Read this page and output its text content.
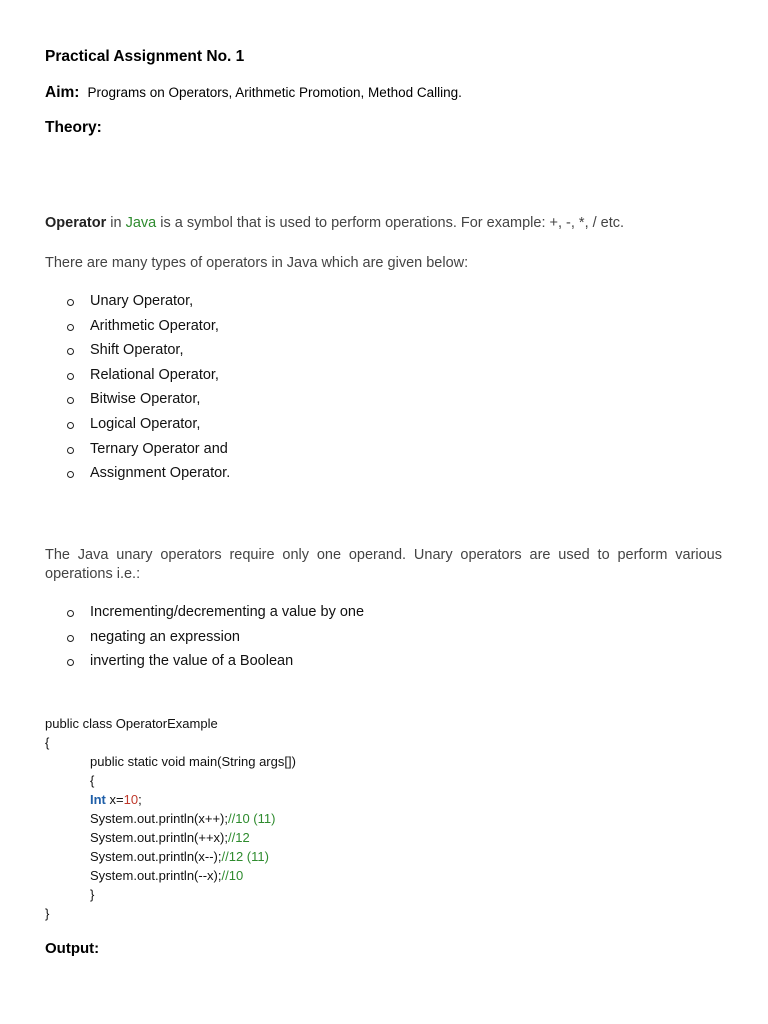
Practical Assignment No. 1
Aim: Programs on Operators, Arithmetic Promotion, Method Calling.
Theory:
Operator in Java is a symbol that is used to perform operations. For example: +, -, *, / etc.
There are many types of operators in Java which are given below:
Unary Operator,
Arithmetic Operator,
Shift Operator,
Relational Operator,
Bitwise Operator,
Logical Operator,
Ternary Operator and
Assignment Operator.
The Java unary operators require only one operand. Unary operators are used to perform various
operations i.e.:
Incrementing/decrementing a value by one
negating an expression
inverting the value of a Boolean
public class OperatorExample
{
public static void main(String args[])
{
Int x=10;
System.out.println(x++);//10 (11)
System.out.println(++x);//12
System.out.println(x--);//12 (11)
System.out.println(--x);//10
}
}
Output:
